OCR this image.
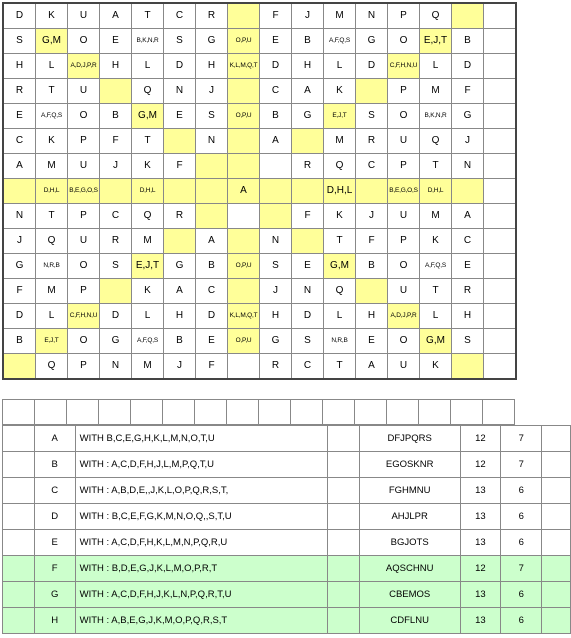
D	K	U	A	T	C	R		F	J	M	N	P	Q		
S	G,M	O	E	B,K,N,R	S	G	O,P,U	E	B	A,F,Q,S	G	O	E,J,T	B	
H	L	A,D,J,P,R	H	L	D	H	K,L,M,Q,T	D	H	L	D	C,F,H,N,U	L	D	
R	T	U		Q	N	J		C	A	K		P	M	F	
E	A,F,Q,S	O	B	G,M	E	S	O,P,U	B	G	E,J,T	S	O	B,K,N,R	G	
C	K	P	F	T		N		A		M	R	U	Q	J	
A	M	U	J	K	F				R	Q	C	P	T	N	
	D,H,L	B,E,G,O,S		D,H,L			A			D,H,L		B,E,G,O,S	D,H,L		
N	T	P	C	Q	R				F	K	J	U	M	A	
J	Q	U	R	M		A		N		T	F	P	K	C	
G	N,R,B	O	S	E,J,T	G	B	O,P,U	S	E	G,M	B	O	A,F,Q,S	E	
F	M	P		K	A	C		J	N	Q		U	T	R	
D	L	C,F,H,N,U	D	L	H	D	K,L,M,Q,T	H	D	L	H	A,D,J,P,R	L	H	
B	E,J,T	O	G	A,F,Q,S	B	E	O,P,U	G	S	N,R,B	E	O	G,M	S	
	Q	P	N	M	J	F		R	C	T	A	U	K		

	A	WITH B,C,E,G,H,K,L,M,N,O,T,U		DFJPQRS	12	7	
	B	WITH : A,C,D,F,H,J,L,M,P,Q,T,U		EGOSKNR	12	7	
	C	WITH : A,B,D,E,,J,K,L,O,P,Q,R,S,T,		FGHMNU	13	6	
	D	WITH : B,C,E,F,G,K,M,N,O,Q,,S,T,U		AHJLPR	13	6	
	E	WITH : A,C,D,F,H,K,L,M,N,P,Q,R,U		BGJOTS	13	6	
	F	WITH : B,D,E,G,J,K,L,M,O,P,R,T		AQSCHNU	12	7	
	G	WITH : A,C,D,F,H,J,K,L,N,P,Q,R,T,U		CBEMOS	13	6	
	H	WITH : A,B,E,G,J,K,M,O,P,Q,R,S,T		CDFLNU	13	6	
